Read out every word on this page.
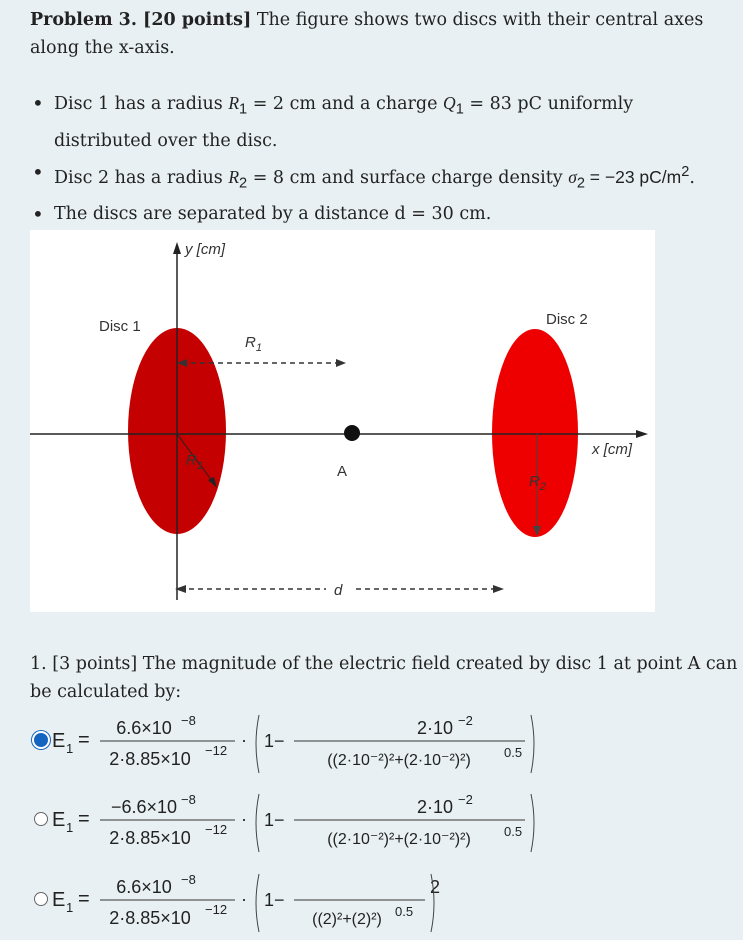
Problem 3. [20 points] The figure shows two discs with their central axes along the x-axis.
• Disc 1 has a radius $R_1 = 2$ cm and a charge $Q_1 = 83$ pC uniformly distributed over the disc.
• Disc 2 has a radius $R_2 = 8$ cm and surface charge density $\sigma_2 = -23$ $pC/m^2$.
• The discs are separated by a distance d = 30 cm.
y [cm]
x [cm]
Disc 1	Disc 2
$R_1$
$R_1$
$R_2$
A
d
1. [3 points] The magnitude of the electric field created by disc 1 at point A can be calculated by:
E 1 =
6.6×10 −8
2·8.85×10 −12
· 1−
2·10 −2
((2·10⁻²)²+(2·10⁻²)²)	0.5
E 1 =
−6.6×10 −8
2·8.85×10 −12
· 1−
2·10 −2
((2·10⁻²)²+(2·10⁻²)²)	0.5
E 1 =
6.6×10 −8
2·8.85×10 −12
· 1−
2
((2)²+(2)²) 0.5
